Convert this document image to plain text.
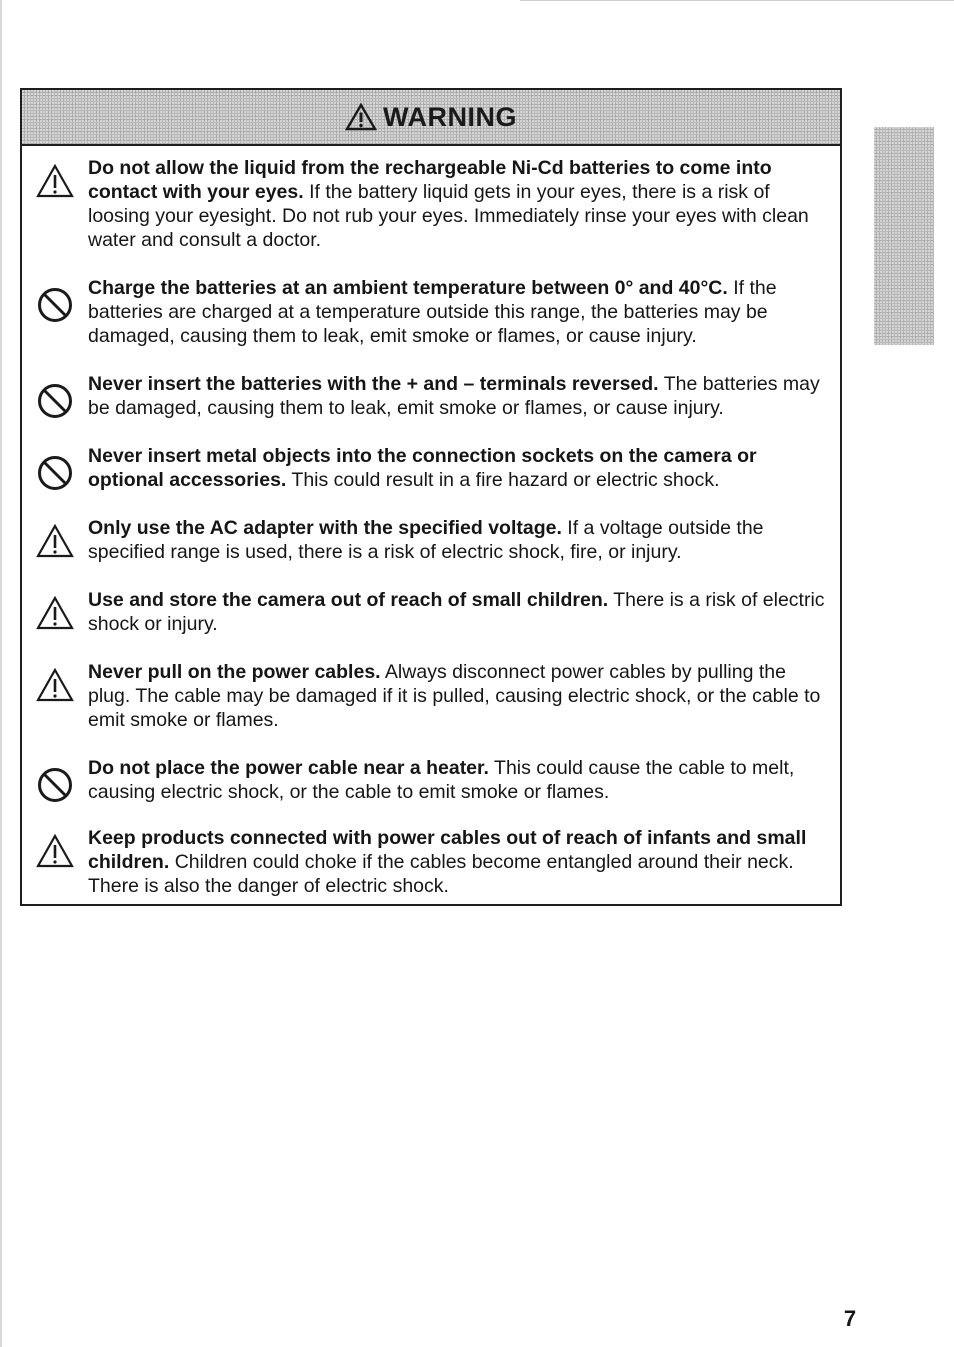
WARNING
Do not allow the liquid from the rechargeable Ni-Cd batteries to come into contact with your eyes. If the battery liquid gets in your eyes, there is a risk of loosing your eyesight. Do not rub your eyes. Immediately rinse your eyes with clean water and consult a doctor.
Charge the batteries at an ambient temperature between 0° and 40°C. If the batteries are charged at a temperature outside this range, the batteries may be damaged, causing them to leak, emit smoke or flames, or cause injury.
Never insert the batteries with the + and – terminals reversed. The batteries may be damaged, causing them to leak, emit smoke or flames, or cause injury.
Never insert metal objects into the connection sockets on the camera or optional accessories. This could result in a fire hazard or electric shock.
Only use the AC adapter with the specified voltage. If a voltage outside the specified range is used, there is a risk of electric shock, fire, or injury.
Use and store the camera out of reach of small children. There is a risk of electric shock or injury.
Never pull on the power cables. Always disconnect power cables by pulling the plug. The cable may be damaged if it is pulled, causing electric shock, or the cable to emit smoke or flames.
Do not place the power cable near a heater. This could cause the cable to melt, causing electric shock, or the cable to emit smoke or flames.
Keep products connected with power cables out of reach of infants and small children. Children could choke if the cables become entangled around their neck. There is also the danger of electric shock.
7
